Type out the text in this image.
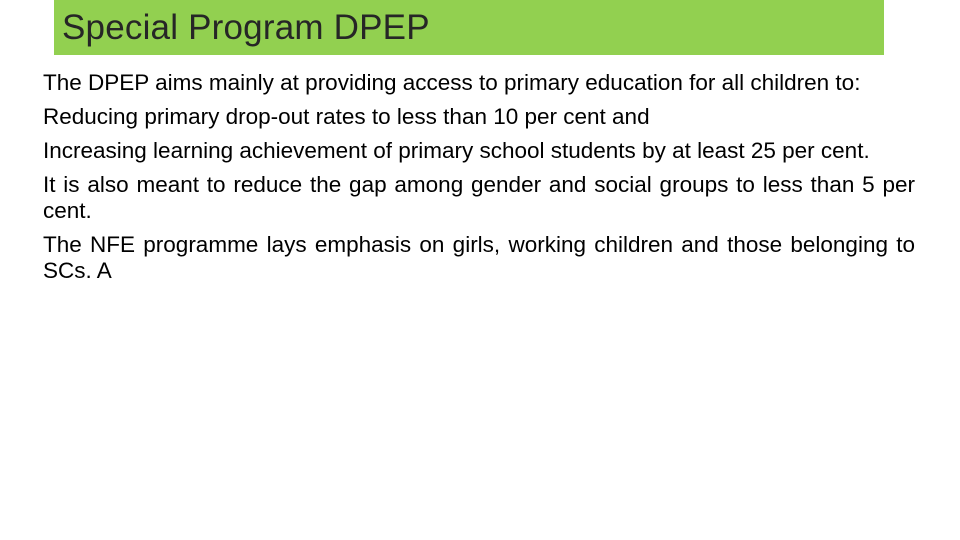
Special Program DPEP

The DPEP aims mainly at providing access to primary education for all children to:

Reducing primary drop-out rates to less than 10 per cent and

Increasing learning achievement of primary school students by at least 25 per cent.

It is also meant to reduce the gap among gender and social groups to less than 5 per cent.

The NFE programme lays emphasis on girls, working children and those belonging to SCs. A
